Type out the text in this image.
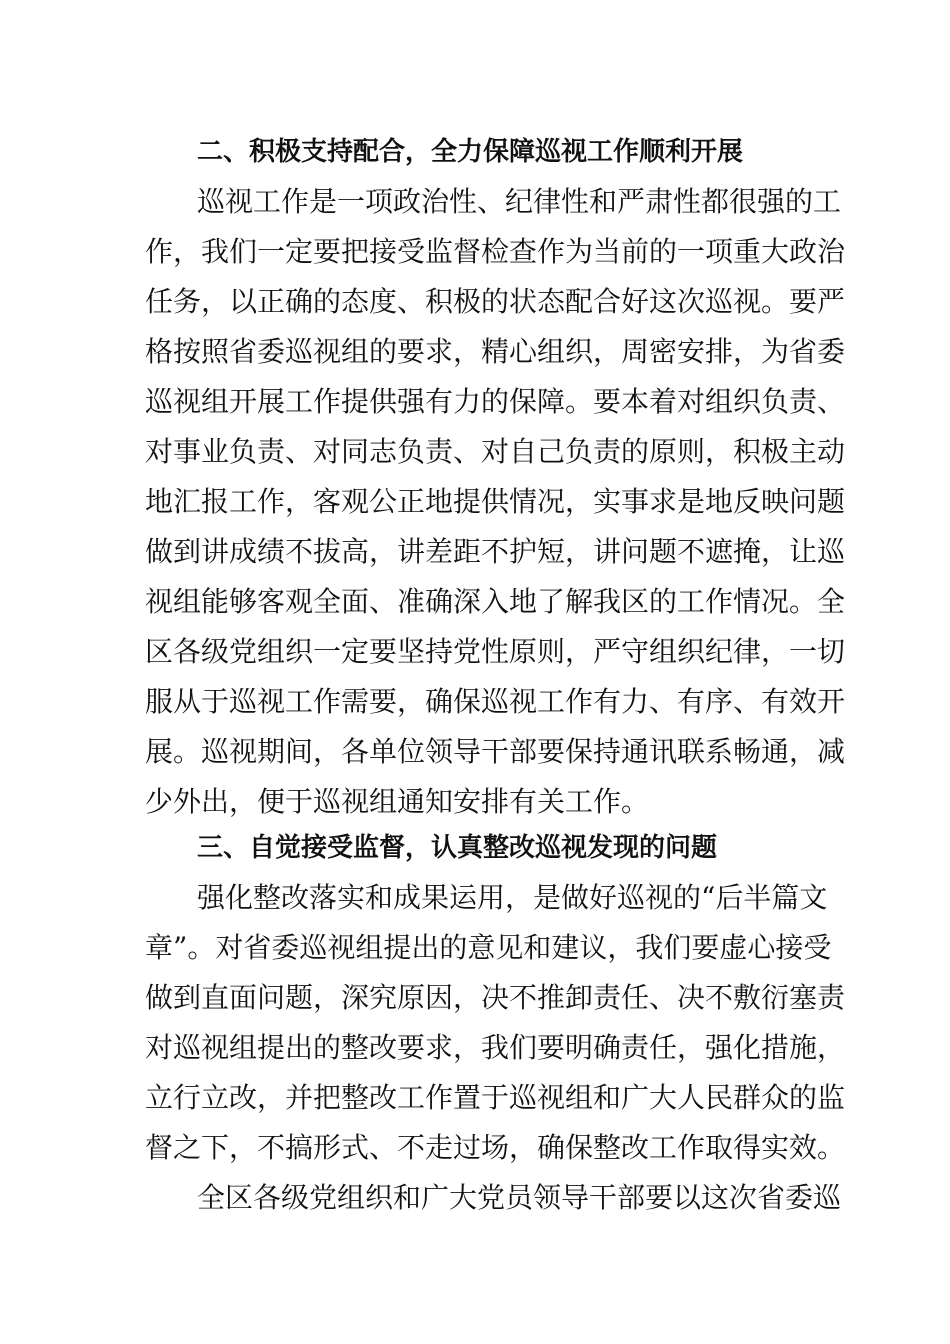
二、积极支持配合，全力保障巡视工作顺利开展
巡视工作是一项政治性、纪律性和严肃性都很强的工
作，我们一定要把接受监督检查作为当前的一项重大政治
任务，以正确的态度、积极的状态配合好这次巡视。要严
格按照省委巡视组的要求，精心组织，周密安排，为省委
巡视组开展工作提供强有力的保障。要本着对组织负责、
对事业负责、对同志负责、对自己负责的原则，积极主动
地汇报工作，客观公正地提供情况，实事求是地反映问题
做到讲成绩不拔高，讲差距不护短，讲问题不遮掩，让巡
视组能够客观全面、准确深入地了解我区的工作情况。全
区各级党组织一定要坚持党性原则，严守组织纪律，一切
服从于巡视工作需要，确保巡视工作有力、有序、有效开
展。巡视期间，各单位领导干部要保持通讯联系畅通，减
少外出，便于巡视组通知安排有关工作。
三、自觉接受监督，认真整改巡视发现的问题
强化整改落实和成果运用，是做好巡视的“后半篇文
章”。对省委巡视组提出的意见和建议，我们要虚心接受
做到直面问题，深究原因，决不推卸责任、决不敷衍塞责
对巡视组提出的整改要求，我们要明确责任，强化措施，
立行立改，并把整改工作置于巡视组和广大人民群众的监
督之下，不搞形式、不走过场，确保整改工作取得实效。
全区各级党组织和广大党员领导干部要以这次省委巡
